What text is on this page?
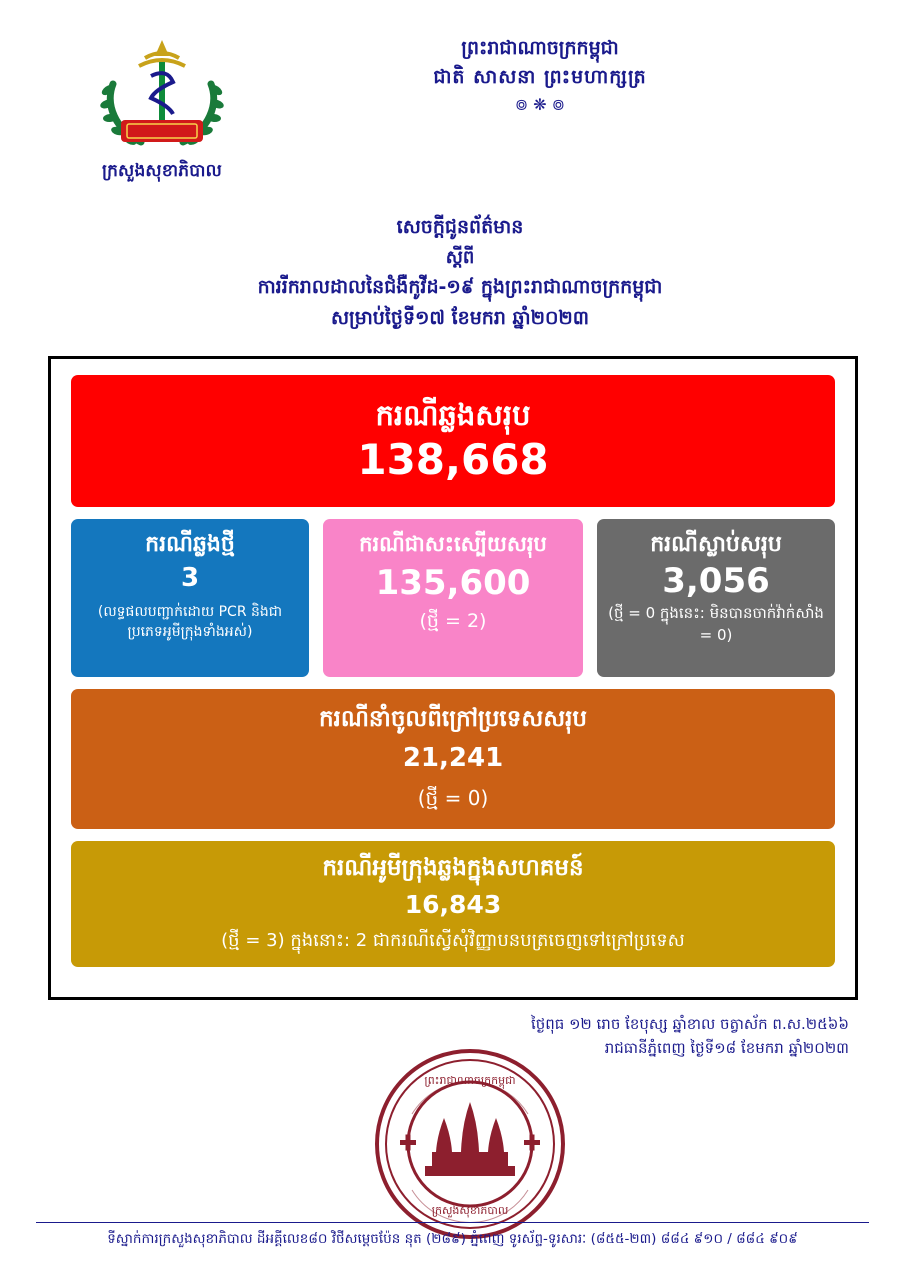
ក្រសួងសុខាភិបាល
ព្រះរាជាណាចក្រកម្ពុជា
ជាតិ សាសនា ព្រះមហាក្សត្រ
៙ ❋ ៙
សេចក្តីជូនព័ត៌មាន
ស្តីពី
ការរីករាលដាលនៃជំងឺកូវីដ-១៩ ក្នុងព្រះរាជាណាចក្រកម្ពុជា
សម្រាប់ថ្ងៃទី១៧ ខែមករា ឆ្នាំ២០២៣
ករណីឆ្លងសរុប
138,668
ករណីឆ្លងថ្មី
3
(លទ្ធផលបញ្ជាក់ដោយ PCR និងជាប្រភេទអូមីក្រុងទាំងអស់)
ករណីជាសះស្បើយសរុប
135,600
(ថ្មី = 2)
ករណីស្លាប់សរុប
3,056
(ថ្មី = 0 ក្នុងនេះ: មិនបានចាក់វ៉ាក់សាំង = 0)
ករណីនាំចូលពីក្រៅប្រទេសសរុប
21,241
(ថ្មី = 0)
ករណីអូមីក្រុងឆ្លងក្នុងសហគមន៍
16,843
(ថ្មី = 3) ក្នុងនោះ: 2 ជាករណីស្វើសុំវិញ្ញាបនបត្រចេញទៅក្រៅប្រទេស
ថ្ងៃពុធ ១២ រោច ខែបុស្ស ឆ្នាំខាល ចត្វាស័ក ព.ស.២៥៦៦
រាជធានីភ្នំពេញ ថ្ងៃទី១៨ ខែមករា ឆ្នាំ២០២៣
ព្រះរាជាណាចក្រកម្ពុជា
ក្រសួងសុខាភិបាល
ទីស្នាក់ការក្រសួងសុខាភិបាល ដីអគ្គីលេខ៨០ វិថីសម្តេចប៉ែន នុត (២៨៩) ភ្នំពេញ ទូរស័ព្ទ-ទូរសារៈ (៨៥៥-២៣) ៨៨៤ ៩១០ / ៨៨៤ ៩០៩
